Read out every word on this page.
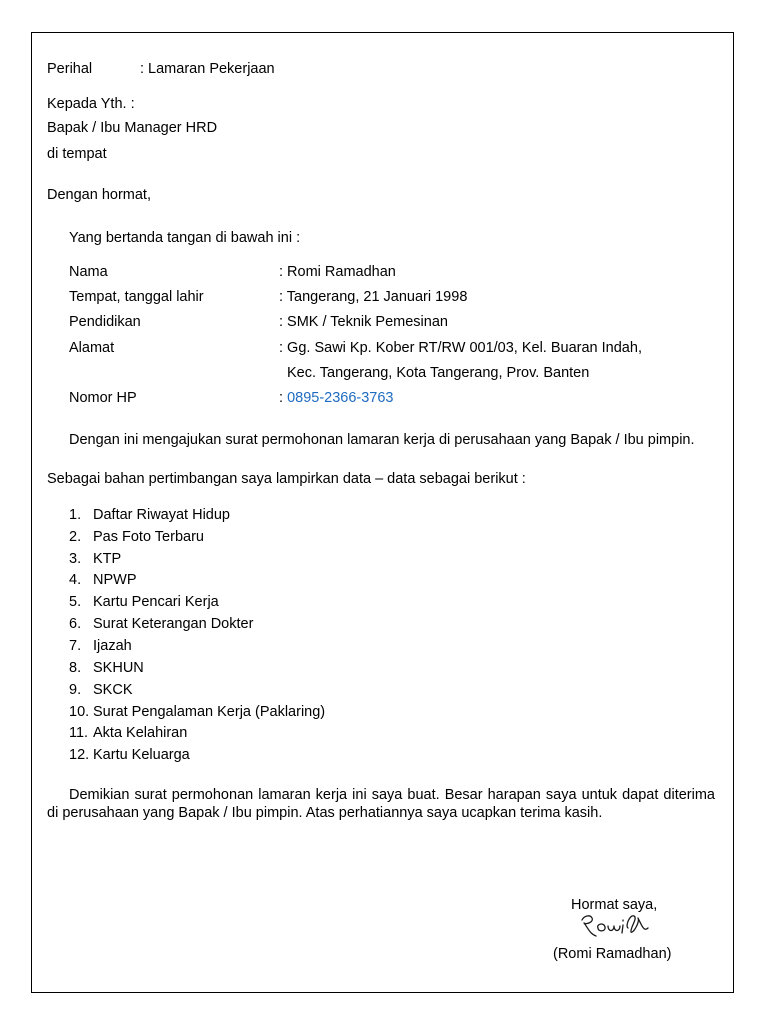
Perihal	: Lamaran Pekerjaan
Kepada Yth. :
Bapak / Ibu Manager HRD
di tempat
Dengan hormat,
Yang bertanda tangan di bawah ini :
Nama	: Romi Ramadhan
Tempat, tanggal lahir	: Tangerang, 21 Januari 1998
Pendidikan	: SMK / Teknik Pemesinan
Alamat	: Gg. Sawi Kp. Kober RT/RW 001/03, Kel. Buaran Indah,
Kec. Tangerang, Kota Tangerang, Prov. Banten
Nomor HP	: 0895-2366-3763
Dengan ini mengajukan surat permohonan lamaran kerja di perusahaan yang Bapak / Ibu pimpin.
Sebagai bahan pertimbangan saya lampirkan data – data sebagai berikut :
1. Daftar Riwayat Hidup
2. Pas Foto Terbaru
3. KTP
4. NPWP
5. Kartu Pencari Kerja
6. Surat Keterangan Dokter
7. Ijazah
8. SKHUN
9. SKCK
10. Surat Pengalaman Kerja (Paklaring)
11. Akta Kelahiran
12. Kartu Keluarga
Demikian surat permohonan lamaran kerja ini saya buat. Besar harapan saya untuk dapat diterima di perusahaan yang Bapak / Ibu pimpin. Atas perhatiannya saya ucapkan terima kasih.
Hormat saya,
(Romi Ramadhan)
